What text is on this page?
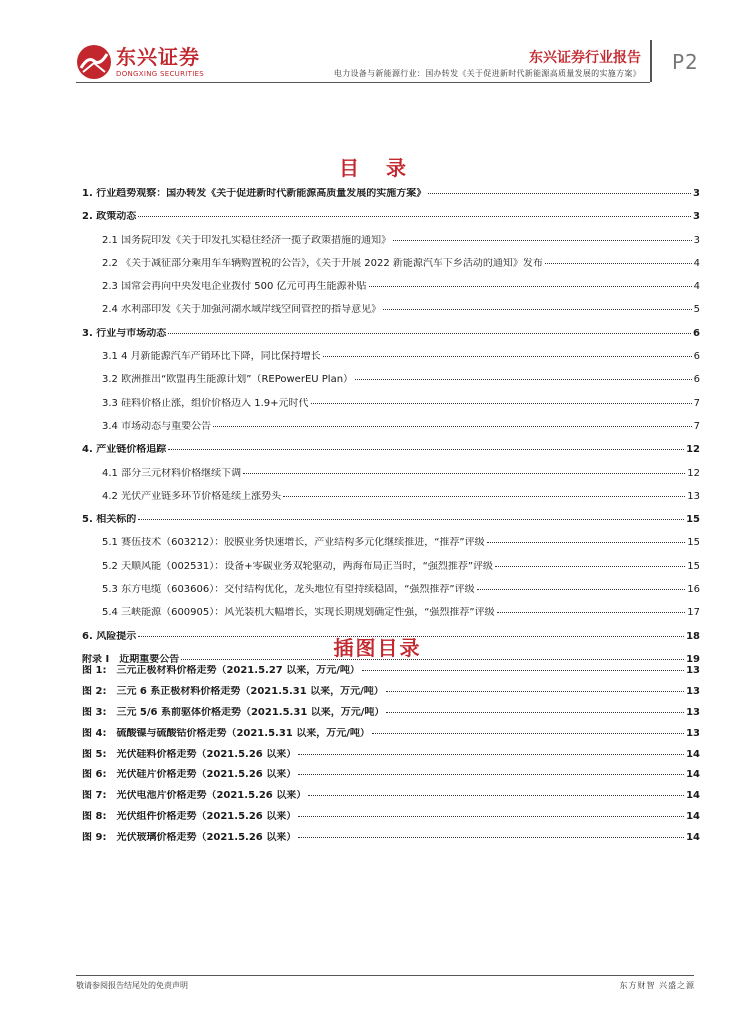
东兴证券
DONGXING SECURITIES
东兴证券行业报告
电力设备与新能源行业：国办转发《关于促进新时代新能源高质量发展的实施方案》 P2
目 录
1. 行业趋势观察：国办转发《关于促进新时代新能源高质量发展的实施方案》	3
2. 政策动态	3
2.1 国务院印发《关于印发扎实稳住经济一揽子政策措施的通知》	3
2.2 《关于减征部分乘用车车辆购置税的公告》，《关于开展 2022 新能源汽车下乡活动的通知》发布	4
2.3 国常会再向中央发电企业拨付 500 亿元可再生能源补贴	4
2.4 水利部印发《关于加强河湖水域岸线空间管控的指导意见》	5
3. 行业与市场动态	6
3.1 4 月新能源汽车产销环比下降，同比保持增长	6
3.2 欧洲推出“欧盟再生能源计划”（REPowerEU Plan）	6
3.3 硅料价格止涨，组价价格迈入 1.9+元时代	7
3.4 市场动态与重要公告	7
4. 产业链价格追踪	12
4.1 部分三元材料价格继续下调	12
4.2 光伏产业链多环节价格延续上涨势头	13
5. 相关标的	15
5.1 赛伍技术（603212）：胶膜业务快速增长，产业结构多元化继续推进，“推荐”评级	15
5.2 天顺风能（002531）：设备+零碳业务双轮驱动，两海布局正当时，“强烈推荐”评级	15
5.3 东方电缆（603606）：交付结构优化，龙头地位有望持续稳固，“强烈推荐”评级	16
5.4 三峡能源（600905）：风光装机大幅增长，实现长期规划确定性强，“强烈推荐”评级	17
6. 风险提示	18
附录 I　近期重要公告	19
插图目录
图 1:　三元正极材料价格走势（2021.5.27 以来，万元/吨）	13
图 2:　三元 6 系正极材料价格走势（2021.5.31 以来，万元/吨）	13
图 3:　三元 5/6 系前驱体价格走势（2021.5.31 以来，万元/吨）	13
图 4:　硫酸镍与硫酸钴价格走势（2021.5.31 以来，万元/吨）	13
图 5:　光伏硅料价格走势（2021.5.26 以来）	14
图 6:　光伏硅片价格走势（2021.5.26 以来）	14
图 7:　光伏电池片价格走势（2021.5.26 以来）	14
图 8:　光伏组件价格走势（2021.5.26 以来）	14
图 9:　光伏玻璃价格走势（2021.5.26 以来）	14
敬请参阅报告结尾处的免责声明	东方财智 兴盛之源
